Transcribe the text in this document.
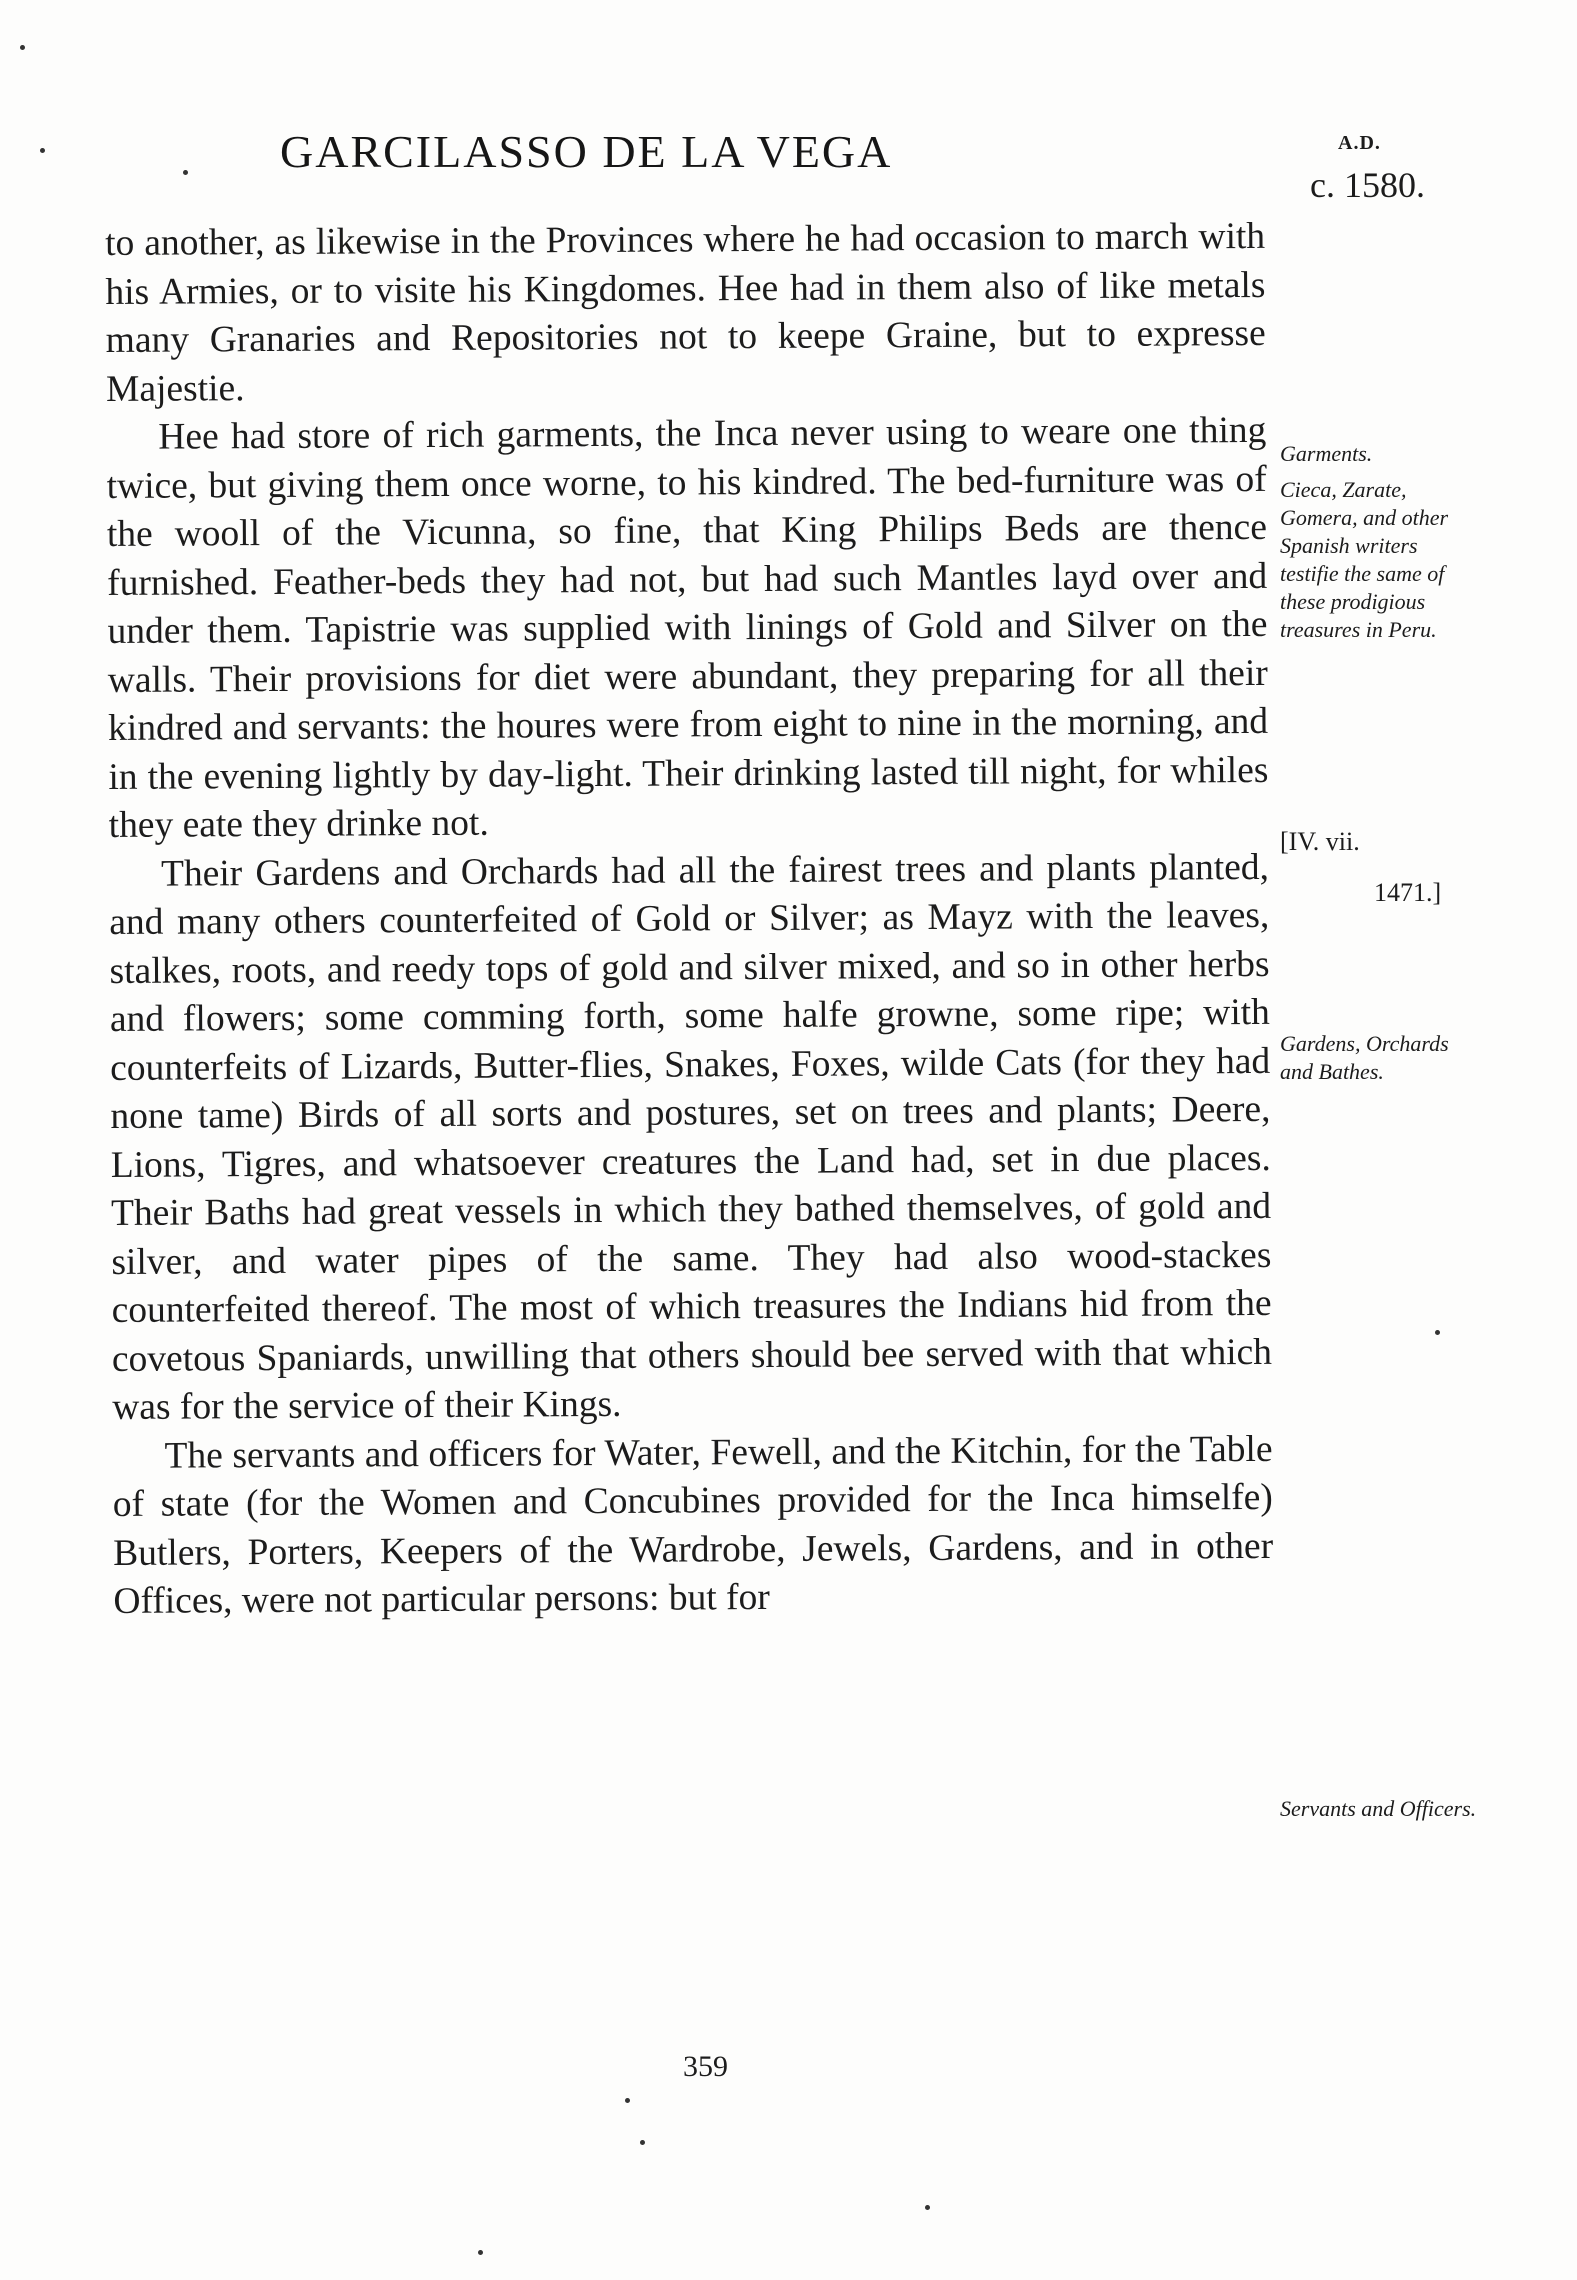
GARCILASSO DE LA VEGA	A.D.
c. 1580.

to another, as likewise in the Provinces where he had occasion to march with his Armies, or to visite his Kingdomes. Hee had in them also of like metals many Granaries and Repositories not to keepe Graine, but to expresse Majestie.

Hee had store of rich garments, the Inca never using to weare one thing twice, but giving them once worne, to his kindred. The bed-furniture was of the wooll of the Vicunna, so fine, that King Philips Beds are thence furnished. Feather-beds they had not, but had such Mantles layd over and under them. Tapistrie was supplied with linings of Gold and Silver on the walls. Their provisions for diet were abundant, they preparing for all their kindred and servants: the houres were from eight to nine in the morning, and in the evening lightly by day-light. Their drinking lasted till night, for whiles they eate they drinke not.

Their Gardens and Orchards had all the fairest trees and plants planted, and many others counterfeited of Gold or Silver; as Mayz with the leaves, stalkes, roots, and reedy tops of gold and silver mixed, and so in other herbs and flowers; some comming forth, some halfe growne, some ripe; with counterfeits of Lizards, Butter-flies, Snakes, Foxes, wilde Cats (for they had none tame) Birds of all sorts and postures, set on trees and plants; Deere, Lions, Tigres, and whatsoever creatures the Land had, set in due places. Their Baths had great vessels in which they bathed themselves, of gold and silver, and water pipes of the same. They had also wood-stackes counterfeited thereof. The most of which treasures the Indians hid from the covetous Spaniards, unwilling that others should bee served with that which was for the service of their Kings.

The servants and officers for Water, Fewell, and the Kitchin, for the Table of state (for the Women and Concubines provided for the Inca himselfe) Butlers, Porters, Keepers of the Wardrobe, Jewels, Gardens, and in other Offices, were not particular persons: but for

Garments.
Cieca, Zarate, Gomera, and other Spanish writers testifie the same of these prodigious treasures in Peru.
[IV. vii.
1471.]
Gardens, Orchards and Bathes.
Servants and Officers.
359
